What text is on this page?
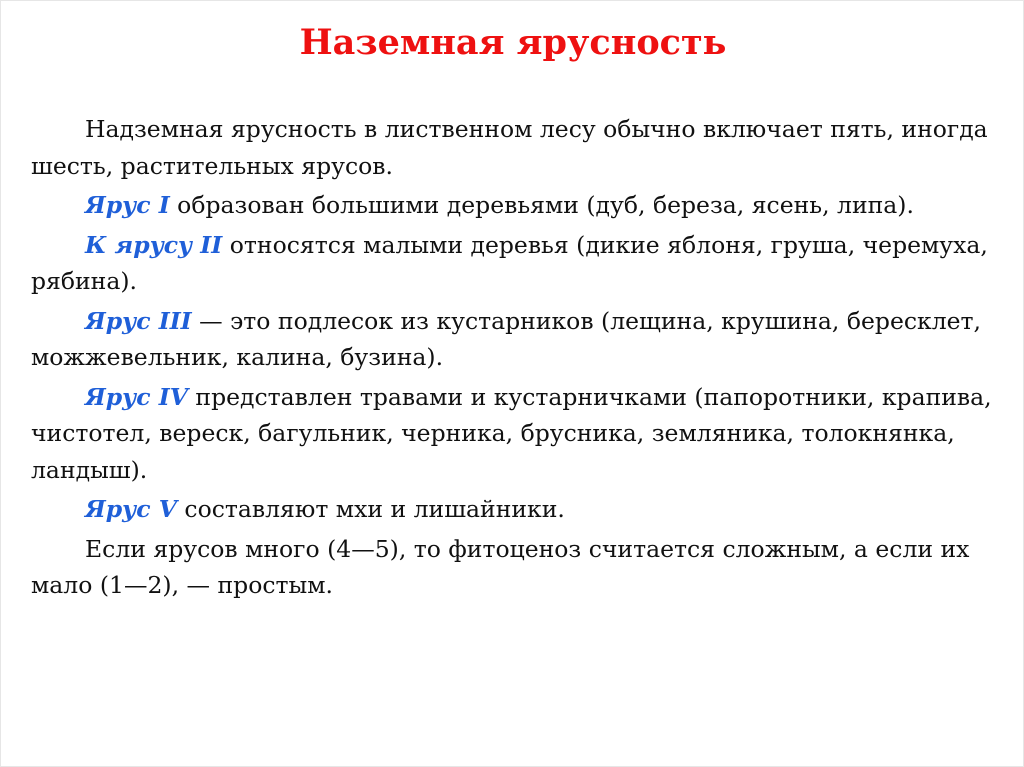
Наземная ярусность

Надземная ярусность в лиственном лесу обычно включает пять, иногда шесть, растительных ярусов.

Ярус I образован большими деревьями (дуб, береза, ясень, липа).

К ярусу II относятся малыми деревья (дикие яблоня, груша, черемуха, рябина).

Ярус III — это подлесок из кустарников (лещина, крушина, бересклет, можжевельник, калина, бузина).

Ярус IV представлен травами и кустарничками (папоротники, крапива, чистотел, вереск, багульник, черника, брусника, земляника, толокнянка, ландыш).

Ярус V составляют мхи и лишайники.

Если ярусов много (4—5), то фитоценоз считается сложным, а если их мало (1—2), — простым.
